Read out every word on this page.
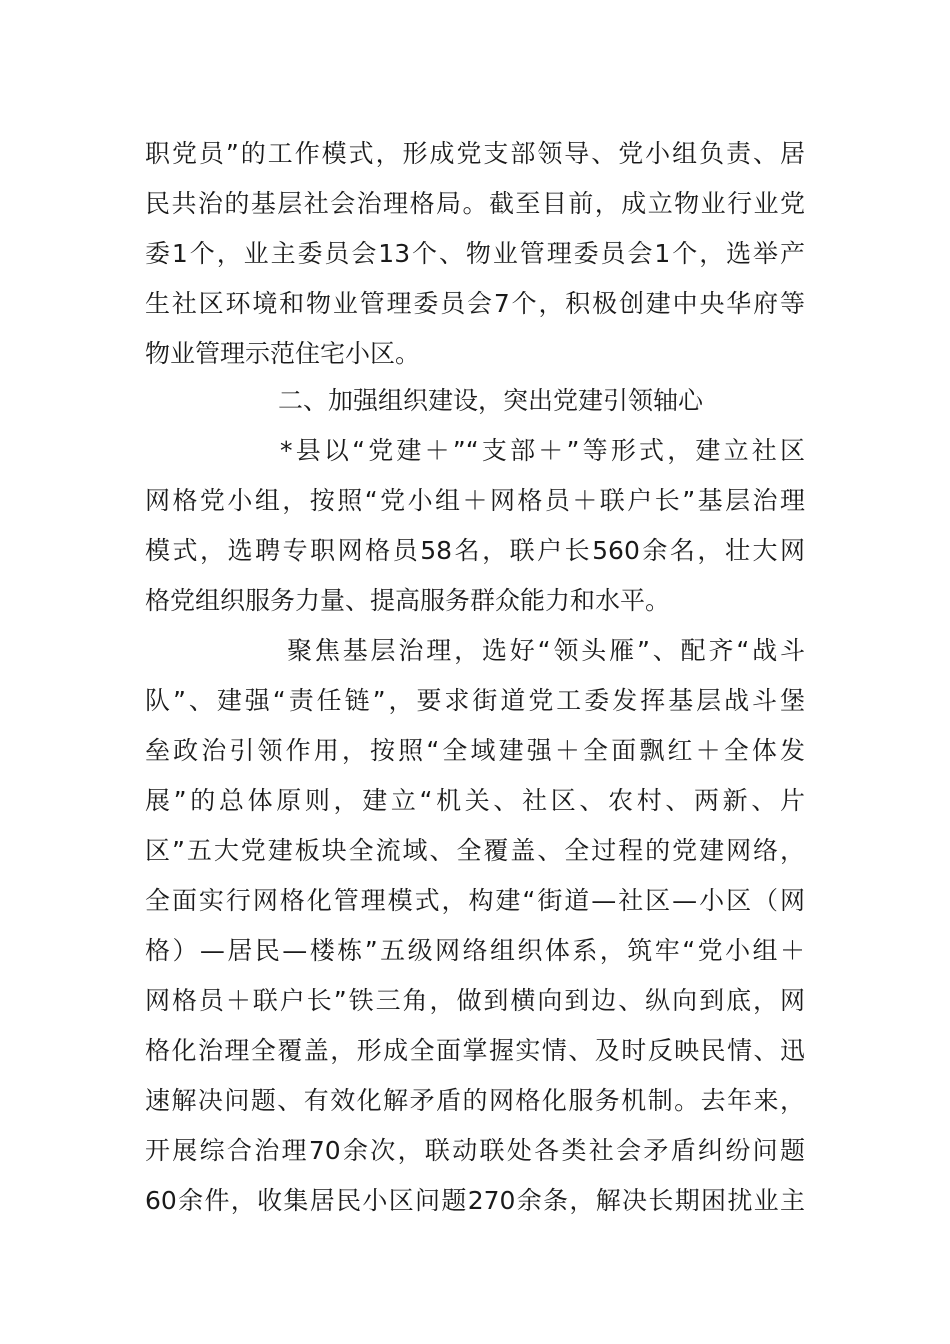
职党员”的工作模式，形成党支部领导、党小组负责、居
民共治的基层社会治理格局。截至目前，成立物业行业党
委1个，业主委员会13个、物业管理委员会1个，选举产
生社区环境和物业管理委员会7个，积极创建中央华府等
物业管理示范住宅小区。
二、加强组织建设，突出党建引领轴心
*县以“党建＋”“支部＋”等形式，建立社区
网格党小组，按照“党小组＋网格员＋联户长”基层治理
模式，选聘专职网格员58名，联户长560余名，壮大网
格党组织服务力量、提高服务群众能力和水平。
聚焦基层治理，选好“领头雁”、配齐“战斗
队”、建强“责任链”，要求街道党工委发挥基层战斗堡
垒政治引领作用，按照“全域建强＋全面飘红＋全体发
展”的总体原则，建立“机关、社区、农村、两新、片
区”五大党建板块全流域、全覆盖、全过程的党建网络，
全面实行网格化管理模式，构建“街道—社区—小区（网
格）—居民—楼栋”五级网络组织体系，筑牢“党小组＋
网格员＋联户长”铁三角，做到横向到边、纵向到底，网
格化治理全覆盖，形成全面掌握实情、及时反映民情、迅
速解决问题、有效化解矛盾的网格化服务机制。去年来，
开展综合治理70余次，联动联处各类社会矛盾纠纷问题
60余件，收集居民小区问题270余条，解决长期困扰业主
